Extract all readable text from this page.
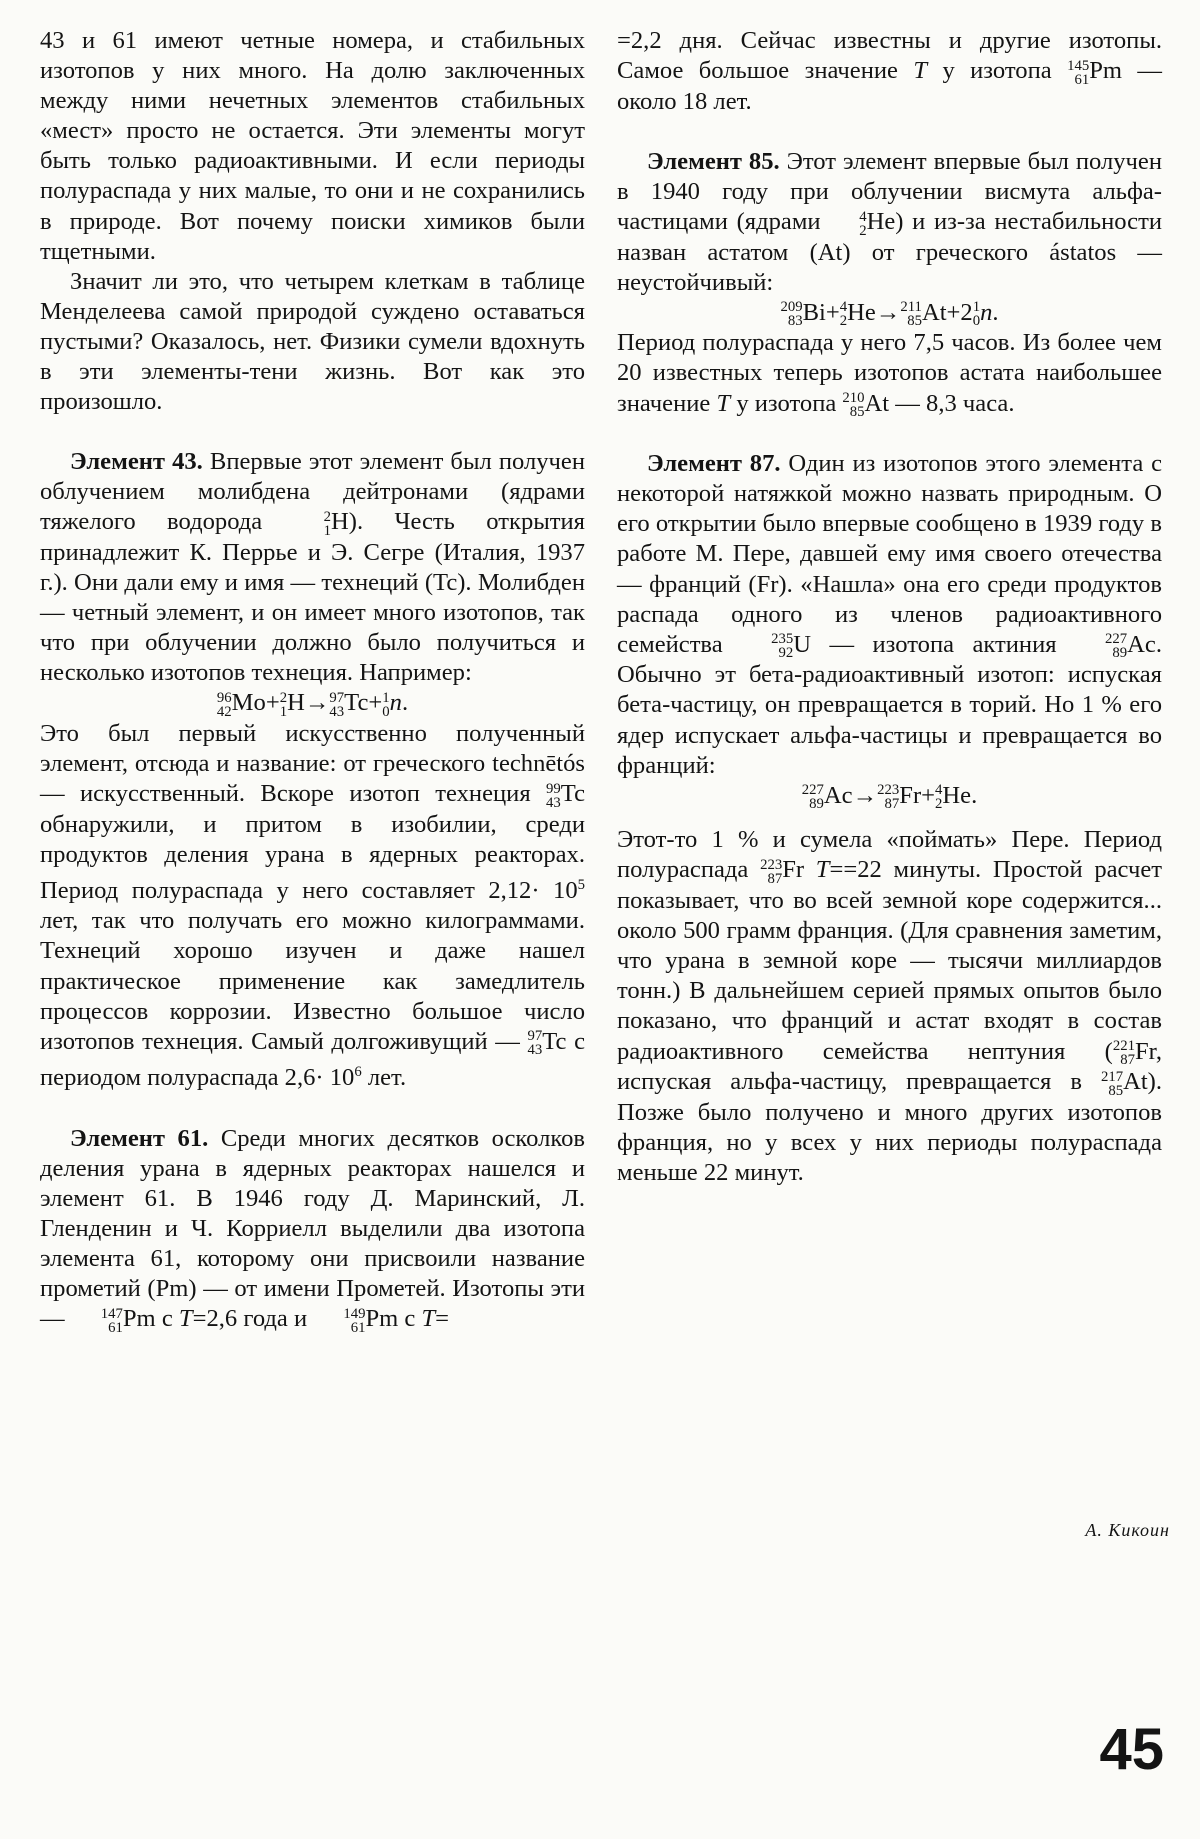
43 и 61 имеют четные номера, и стабильных изотопов у них много. На долю заключенных между ними нечетных элементов стабильных «мест» просто не остается. Эти элементы могут быть только радиоактивными. И если периоды полураспада у них малые, то они и не сохранились в природе. Вот почему поиски химиков были тщетными.

Значит ли это, что четырем клеткам в таблице Менделеева самой природой суждено оставаться пустыми? Оказалось, нет. Физики сумели вдохнуть в эти элементы-тени жизнь. Вот как это произошло.

Элемент 43. Впервые этот элемент был получен облучением молибдена дейтронами (ядрами тяжелого водорода	2
1 H). Честь открытия принадлежит К. Перрье и Э. Сегре (Италия, 1937 г.). Они дали ему и имя — технеций (Tc). Молибден — четный элемент, и он имеет много изотопов, так что при облучении должно было получиться и несколько изотопов технеция. Например:

96
42 Mo+ 2
1 H→ 97
43 Tc+ 1
0 n.

Это был первый искусственно полученный элемент, отсюда и название: от греческого technētós — искусственный. Вскоре изотоп технеция 99
43 Tc обнаружили, и притом в изобилии, среди продуктов деления урана в ядерных реакторах. Период полураспада у него составляет $2,12\cdot 10^5$ лет, так что получать его можно килограммами. Технеций хорошо изучен и даже нашел практическое применение как замедлитель процессов коррозии. Известно большое число изотопов технеция. Самый долгоживущий — 97
43 Tc с периодом полураспада $2,6\cdot 10^6$ лет.

Элемент 61. Среди многих десятков осколков деления урана в ядерных реакторах нашелся и элемент 61. В 1946 году Д. Маринский, Л. Гленденин и Ч. Корриелл выделили два изотопа элемента 61, которому они присвоили название прометий (Pm) — от имени Прометей. Изотопы эти —	147
61 Pm с T=2,6 года и	149
61 Pm с T=

=2,2 дня. Сейчас известны и другие изотопы. Самое большое значение T у изотопа 145
61 Pm — около 18 лет.

Элемент 85. Этот элемент впервые был получен в 1940 году при облучении висмута альфа-частицами (ядрами	4
2 He) и из-за нестабильности назван астатом (At) от греческого ástatos — неустойчивый:

209
83 Bi+ 4
2 He→ 211
85 At+2 1
0 n.

Период полураспада у него 7,5 часов. Из более чем 20 известных теперь изотопов астата наибольшее значение T у изотопа 210
85 At — 8,3 часа.

Элемент 87. Один из изотопов этого элемента с некоторой натяжкой можно назвать природным. О его открытии было впервые сообщено в 1939 году в работе М. Пере, давшей ему имя своего отечества — франций (Fr). «Нашла» она его среди продуктов распада одного из членов радиоактивного семейства	235
92 U — изотопа актиния	227
89 Ac. Обычно эт бета-радиоактивный изотоп: испуская бета-частицу, он превращается в торий. Но 1 % его ядер испускает альфа-частицы и превращается во франций:

227
89 Ac→ 223
87 Fr+ 4
2 He.

Этот-то 1 % и сумела «поймать» Пере. Период полураспада 223
87 Fr T==22 минуты. Простой расчет показывает, что во всей земной коре содержится... около 500 грамм франция. (Для сравнения заметим, что урана в земной коре — тысячи миллиардов тонн.) В дальнейшем серией прямых опытов было показано, что франций и астат входят в состав радиоактивного семейства нептуния ( 221
87 Fr, испуская альфа-частицу, превращается в 217
85 At). Позже было получено и много других изотопов франция, но у всех у них периоды полураспада меньше 22 минут.

А. Кикоин
45
